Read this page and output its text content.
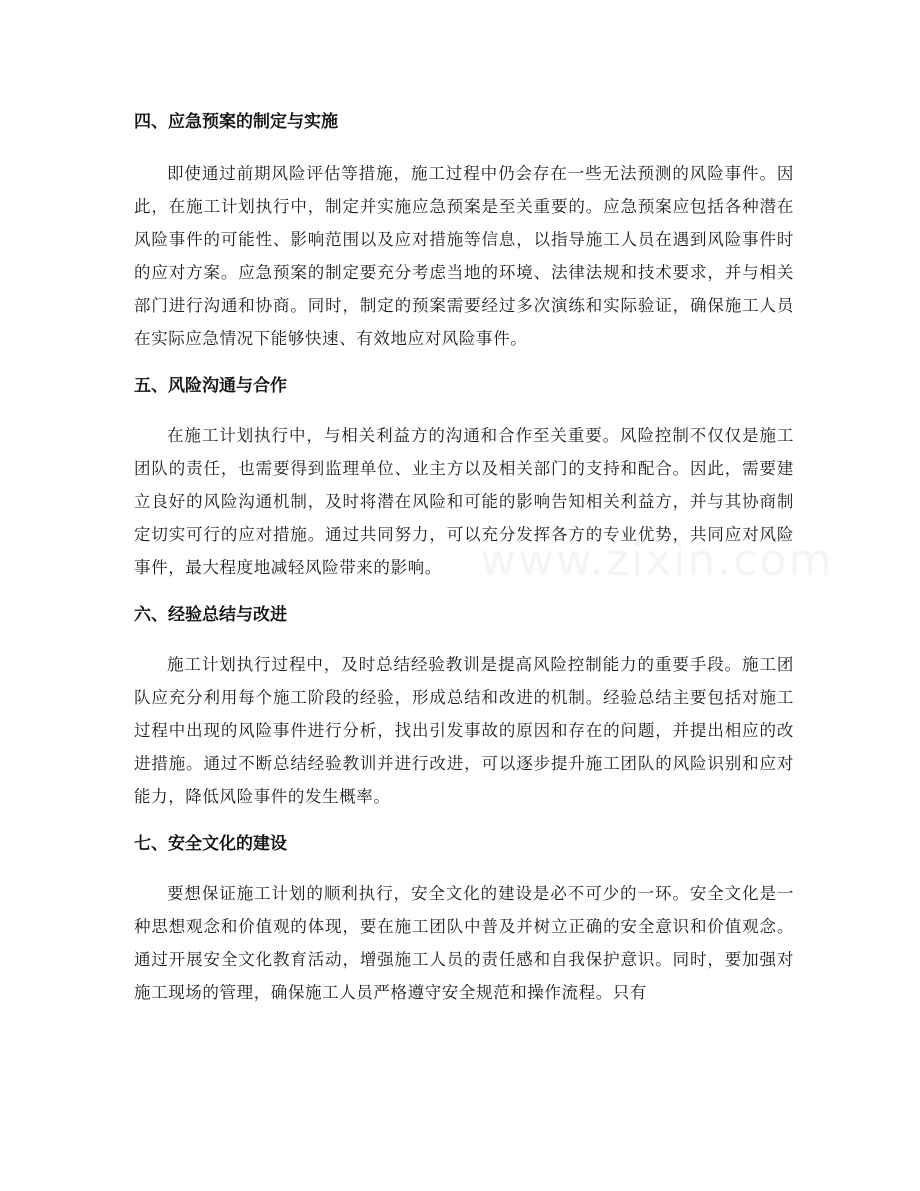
www.zixin.com
四、应急预案的制定与实施

即使通过前期风险评估等措施，施工过程中仍会存在一些无法预测的风险事件。因此，在施工计划执行中，制定并实施应急预案是至关重要的。应急预案应包括各种潜在风险事件的可能性、影响范围以及应对措施等信息，以指导施工人员在遇到风险事件时的应对方案。应急预案的制定要充分考虑当地的环境、法律法规和技术要求，并与相关部门进行沟通和协商。同时，制定的预案需要经过多次演练和实际验证，确保施工人员在实际应急情况下能够快速、有效地应对风险事件。

五、风险沟通与合作

在施工计划执行中，与相关利益方的沟通和合作至关重要。风险控制不仅仅是施工团队的责任，也需要得到监理单位、业主方以及相关部门的支持和配合。因此，需要建立良好的风险沟通机制，及时将潜在风险和可能的影响告知相关利益方，并与其协商制定切实可行的应对措施。通过共同努力，可以充分发挥各方的专业优势，共同应对风险事件，最大程度地减轻风险带来的影响。

六、经验总结与改进

施工计划执行过程中，及时总结经验教训是提高风险控制能力的重要手段。施工团队应充分利用每个施工阶段的经验，形成总结和改进的机制。经验总结主要包括对施工过程中出现的风险事件进行分析，找出引发事故的原因和存在的问题，并提出相应的改进措施。通过不断总结经验教训并进行改进，可以逐步提升施工团队的风险识别和应对能力，降低风险事件的发生概率。

七、安全文化的建设

要想保证施工计划的顺利执行，安全文化的建设是必不可少的一环。安全文化是一种思想观念和价值观的体现，要在施工团队中普及并树立正确的安全意识和价值观念。通过开展安全文化教育活动，增强施工人员的责任感和自我保护意识。同时，要加强对施工现场的管理，确保施工人员严格遵守安全规范和操作流程。只有
